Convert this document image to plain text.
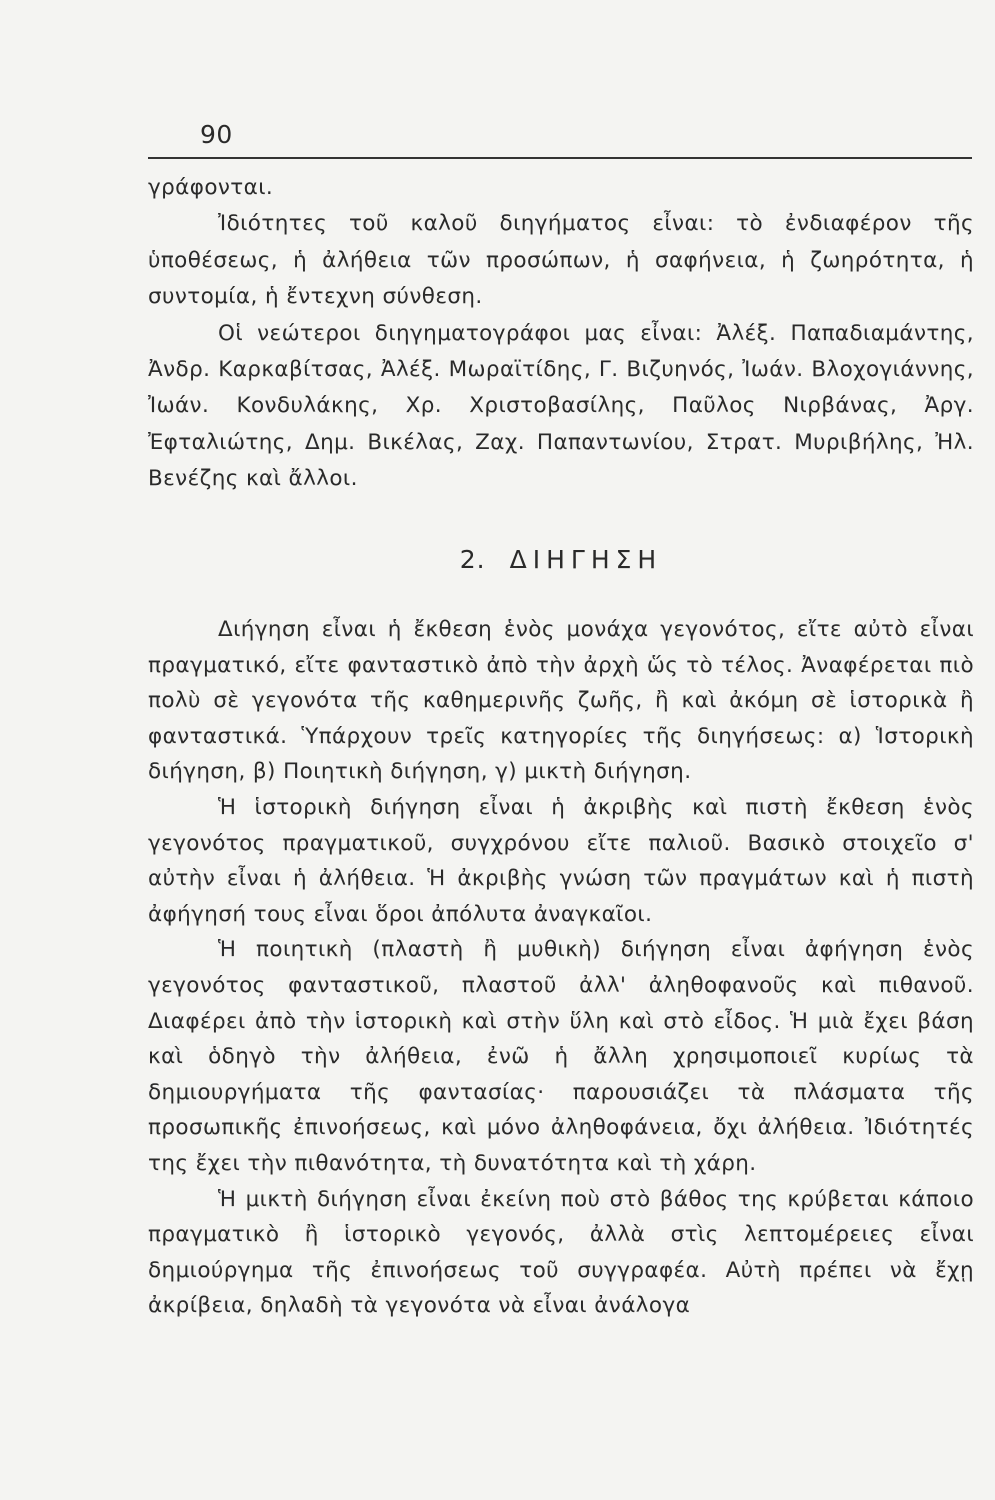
90

γράφονται.

Ἰδιότητες τοῦ καλοῦ διηγήματος εἶναι: τὸ ἐνδιαφέρον τῆς ὑποθέσεως, ἡ ἀλήθεια τῶν προσώπων, ἡ σαφήνεια, ἡ ζωηρότητα, ἡ συντομία, ἡ ἔντεχνη σύνθεση.

Οἱ νεώτεροι διηγηματογράφοι μας εἶναι: Ἀλέξ. Παπαδιαμάντης, Ἀνδρ. Καρκαβίτσας, Ἀλέξ. Μωραϊτίδης, Γ. Βιζυηνός, Ἰωάν. Βλοχογιάννης, Ἰωάν. Κονδυλάκης, Χρ. Χριστοβασίλης, Παῦλος Νιρβάνας, Ἀργ. Ἐφταλιώτης, Δημ. Βικέλας, Ζαχ. Παπαντωνίου, Στρατ. Μυριβήλης, Ἠλ. Βενέζης καὶ ἄλλοι.

2. ΔΙΗΓΗΣΗ

Διήγηση εἶναι ἡ ἔκθεση ἑνὸς μονάχα γεγονότος, εἴτε αὐτὸ εἶναι πραγματικό, εἴτε φανταστικὸ ἀπὸ τὴν ἀρχὴ ὥς τὸ τέλος. Ἀναφέρεται πιὸ πολὺ σὲ γεγονότα τῆς καθημερινῆς ζωῆς, ἢ καὶ ἀκόμη σὲ ἱστορικὰ ἢ φανταστικά. Ὑπάρχουν τρεῖς κατηγορίες τῆς διηγήσεως: α) Ἱστορικὴ διήγηση, β) Ποιητικὴ διήγηση, γ) μικτὴ διήγηση.

Ἡ ἱστορικὴ διήγηση εἶναι ἡ ἀκριβὴς καὶ πιστὴ ἔκθεση ἑνὸς γεγονότος πραγματικοῦ, συγχρόνου εἴτε παλιοῦ. Βασικὸ στοιχεῖο σ' αὐτὴν εἶναι ἡ ἀλήθεια. Ἡ ἀκριβὴς γνώση τῶν πραγμάτων καὶ ἡ πιστὴ ἀφήγησή τους εἶναι ὅροι ἀπόλυτα ἀναγκαῖοι.

Ἡ ποιητικὴ (πλαστὴ ἢ μυθικὴ) διήγηση εἶναι ἀφήγηση ἑνὸς γεγονότος φανταστικοῦ, πλαστοῦ ἀλλ' ἀληθοφανοῦς καὶ πιθανοῦ. Διαφέρει ἀπὸ τὴν ἱστορικὴ καὶ στὴν ὕλη καὶ στὸ εἶδος. Ἡ μιὰ ἔχει βάση καὶ ὁδηγὸ τὴν ἀλήθεια, ἐνῶ ἡ ἄλλη χρησιμοποιεῖ κυρίως τὰ δημιουργήματα τῆς φαντασίας· παρουσιάζει τὰ πλάσματα τῆς προσωπικῆς ἐπινοήσεως, καὶ μόνο ἀληθοφάνεια, ὄχι ἀλήθεια. Ἰδιότητές της ἔχει τὴν πιθανότητα, τὴ δυνατότητα καὶ τὴ χάρη.

Ἡ μικτὴ διήγηση εἶναι ἐκείνη ποὺ στὸ βάθος της κρύβεται κάποιο πραγματικὸ ἢ ἱστορικὸ γεγονός, ἀλλὰ στὶς λεπτομέρειες εἶναι δημιούργημα τῆς ἐπινοήσεως τοῦ συγγραφέα. Αὐτὴ πρέπει νὰ ἔχῃ ἀκρίβεια, δηλαδὴ τὰ γεγονότα νὰ εἶναι ἀνάλογα
